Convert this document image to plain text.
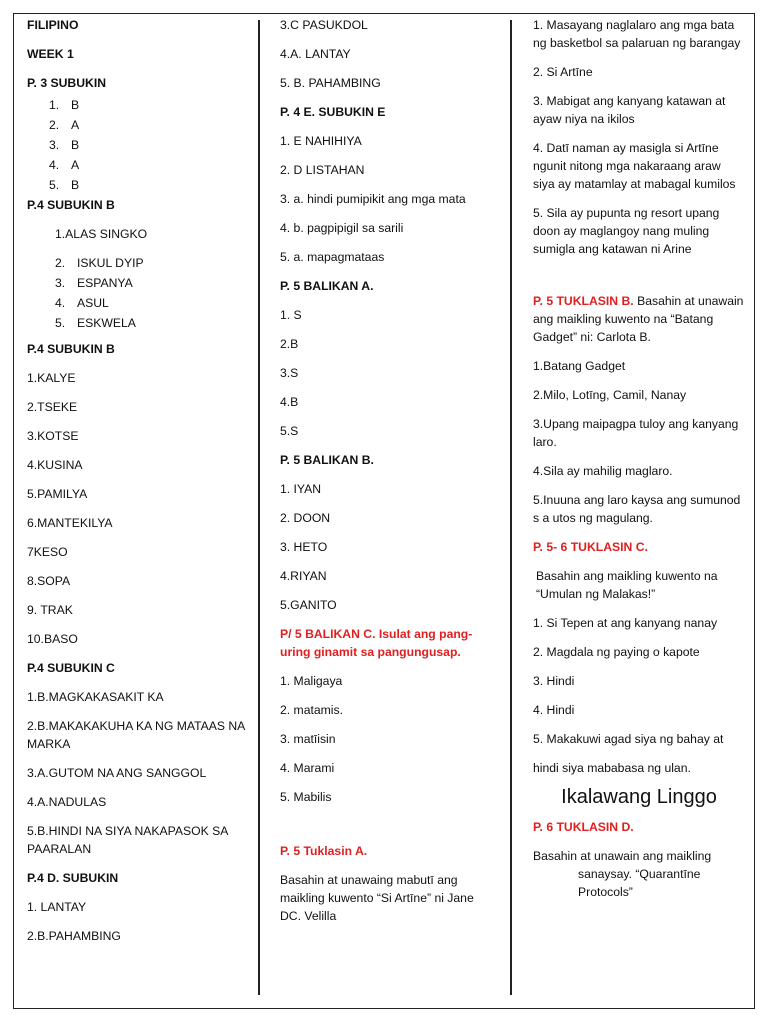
FILIPINO

WEEK 1

P. 3 SUBUKIN

1. B
2. A
3. B
4. A
5. B

P.4 SUBUKIN B

1.ALAS SINGKO

2. ISKUL DYIP
3. ESPANYA
4. ASUL
5. ESKWELA

P.4 SUBUKIN B

1.KALYE

2.TSEKE

3.KOTSE

4.KUSINA

5.PAMILYA

6.MANTEKILYA

7KESO

8.SOPA

9. TRAK

10.BASO

P.4 SUBUKIN C

1.B.MAGKAKASAKIT KA

2.B.MAKAKAKUHA KA NG MATAAS NA MARKA

3.A.GUTOM NA ANG SANGGOL

4.A.NADULAS

5.B.HINDI NA SIYA NAKAPASOK SA PAARALAN

P.4 D. SUBUKIN

1. LANTAY

2.B.PAHAMBING

3.C PASUKDOL

4.A. LANTAY

5. B. PAHAMBING

P. 4 E. SUBUKIN E

1. E NAHIHIYA

2. D LISTAHAN

3. a. hindi pumipikit ang mga mata

4. b. pagpipigil sa sarili

5. a. mapagmataas

P. 5 BALIKAN A.

1. S

2.B

3.S

4.B

5.S

P. 5 BALIKAN B.

1. IYAN

2. DOON

3. HETO

4.RIYAN

5.GANITO

P/ 5 BALIKAN C. Isulat ang pang-uring ginamit sa pangungusap.

1. Maligaya

2. matamis.

3. matīisin

4. Marami

5. Mabilis

P. 5 Tuklasin A.

Basahin at unawaing mabutī ang maikling kuwento “Si Artīne” ni Jane DC. Velilla

1. Masayang naglalaro ang mga bata ng basketbol sa palaruan ng barangay

2. Si Artīne

3. Mabigat ang kanyang katawan at ayaw niya na ikilos

4. Datī naman ay masigla si Artīne ngunit nitong mga nakaraang araw siya ay matamlay at mabagal kumilos

5. Sila ay pupunta ng resort upang doon ay maglangoy nang muling sumigla ang katawan ni Arine

P. 5 TUKLASIN B. Basahin at unawain ang maikling kuwento na “Batang Gadget” ni: Carlota B.

1.Batang Gadget

2.Milo, Lotīng, Camil, Nanay

3.Upang maipagpa tuloy ang kanyang laro.

4.Sila ay mahilig maglaro.

5.Inuuna ang laro kaysa ang sumunod s a utos ng magulang.

P. 5- 6 TUKLASIN C.

Basahin ang maikling kuwento na “Umulan ng Malakas!”

1. Si Tepen at ang kanyang nanay

2. Magdala ng paying o kapote

3. Hindi

4. Hindi

5. Makakuwi agad siya ng bahay at

hindi siya mababasa ng ulan.

Ikalawang Linggo

P. 6 TUKLASIN D.

Basahin at unawain ang maikling
sanaysay. “Quarantīne Protocols”
